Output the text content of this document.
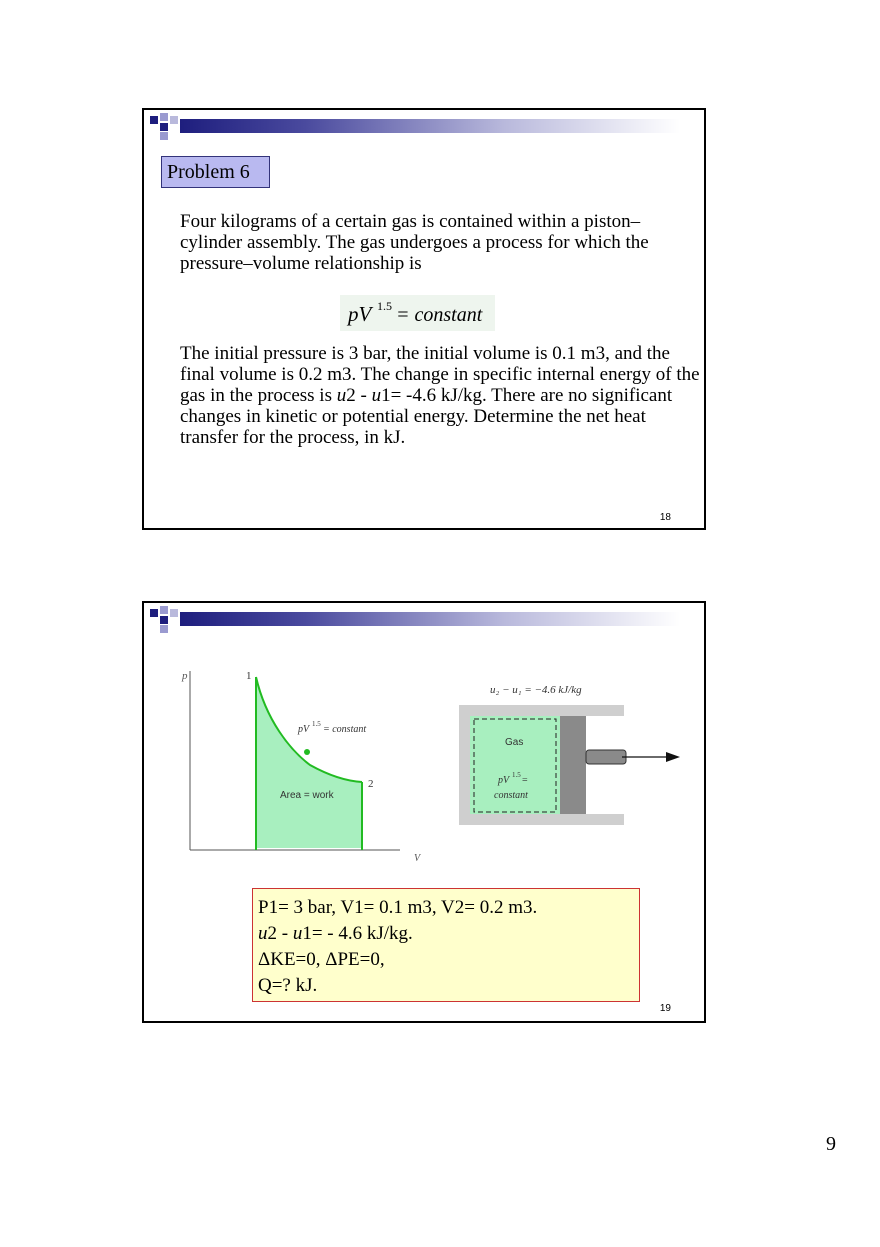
Problem 6

Four kilograms of a certain gas is contained within a piston–cylinder assembly. The gas undergoes a process for which the pressure–volume relationship is

pV 1.5 = constant

The initial pressure is 3 bar, the initial volume is 0.1 m3, and the final volume is 0.2 m3. The change in specific internal energy of the gas in the process is u2 - u1= -4.6 kJ/kg. There are no significant changes in kinetic or potential energy. Determine the net heat transfer for the process, in kJ.

18
p	1
2
V
pV 1.5 = constant
Area = work
u₂ − u₁ = −4.6 kJ/kg
Gas
pV 1.5 =
constant
P1= 3 bar, V1= 0.1 m3, V2= 0.2 m3.
u2 - u1= - 4.6 kJ/kg.
ΔKE=0, ΔPE=0,
Q=? kJ.
19
9
